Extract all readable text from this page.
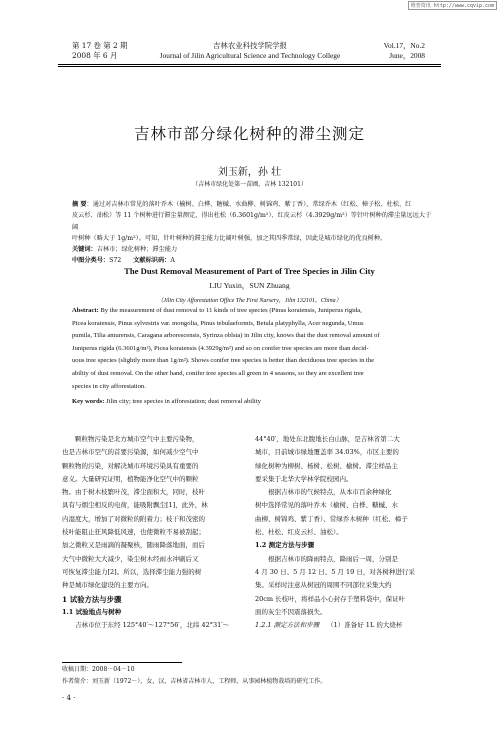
维普资讯 http://www.cqvip.com
第 17 卷 第 2 期
2008 年 6 月
吉林农业科技学院学报
Journal of Jilin Agricultural Science and Technology College
Vol.17，No.2
June，2008
吉林市部分绿化树种的滞尘测定
刘玉新，孙 壮
（吉林市绿化处第一苗圃，吉林 132101）
摘 要：通过对吉林市常见的落叶乔木（榆树、白桦、糖槭、水曲柳、树锦鸡、紫丁香）、常绿乔木（红松、樟子松、杜松、红
皮云杉、油松）等 11 个树种进行滞尘量测定，得出杜松（6.3601g/m²）、红皮云杉（4.3929g/m²）等针叶树种的滞尘量远远大于阔
叶树种（略大于 1g/m²）。可知，针叶树种的滞尘能力比阔叶树强，加之其四季常绿，因此是城市绿化的优良树种。
关键词：吉林市；绿化树种；滞尘能力
中图分类号：S72 文献标识码：A
The Dust Removal Measurement of Part of Tree Species in Jilin City
LIU Yuxin，SUN Zhuang
（Jilin City Afforestation Office The First Nursery，Jilin 132101，China）
Abstract: By the measurement of dust removal to 11 kinds of tree species (Pinus koraiensis, Juniperus rigida,
Picea koraiensis, Pinus sylvestris var. mongolia, Pinus tebulaeformis, Betula platyphylla, Acer negunda, Umus
pumila, Tilia amurensis, Caragana arborescensis, Syrinza oblsta) in Jilin city, knows that the dust removal amount of
Juniperus rigida (6.3601g/m²), Picea koraiensis (4.3929g/m²) and so on conifer tree species are more than decid-
uous tree species (slightly more than 1g/m²). Shows conifer tree species is better than deciduous tree species in the
ability of dust removal. On the other hand, conifer tree species all green in 4 seasons, so they are excellent tree
species in city afforestation.
Key words: Jilin city; tree species in afforestation; dust removal ability
颗粒物污染是北方城市空气中主要污染物，
也是吉林市空气的首要污染源，如何减少空气中
颗粒物的污染，对解决城市环境污染具有重要的
意义。大量研究证明，植物能净化空气中的颗粒
物。由于树木枝繁叶茂，滞尘面积大，同时，枝叶
具有与烟尘相反的电荷，能吸附飘尘[1]，此外，林
内湿度大，增加了对微粒的附着力；枝干和茂密的
枝叶能阻止狂风降低风速，也使微粒不易被刮起；
加之微粒又是雨滴的凝聚核，随雨降落地面，而后
大气中微粒大大减少，染尘树木经雨水冲刷后又
可恢复滞尘能力[2]。所以，选择滞尘能力强的树
种是城市绿化建设的主要方向。
1 试验方法与步骤
1.1 试验地点与树种
吉林市位于东经 125°40′～127°56′，北纬 42°31′～
44°40′，地处东北腹地长白山脉，是吉林省第二大
城市，目前城市绿地覆盖率 34.03%，市区主要的
绿化树种为柳树、杨树、松树、榆树。滞尘样品主
要采集于北华大学林学院校园内。
根据吉林市的气候特点，从本市百余种绿化
树中选择常见的落叶乔木（榆树、白桦、糖槭、水
曲柳、树锦鸡、紫丁香）、常绿乔木树种（红松、樟子
松、杜松、红皮云杉、油松）。
1.2 测定方法与步骤
根据吉林市的降雨特点，降雨后一周，分别是
4 月 30 日、5 月 12 日、5 月 19 日，对各树种进行采
集。采样时注意从树冠的周围不同部位采集大约
20cm 长枝叶，将样品小心封存于塑料袋中，保证叶
面的灰尘不因震落损失。
1.2.1 测定方法和步骤 （1）准备好 1L 的大烧杯
收稿日期：2008－04－10
作者简介：刘玉新（1972－），女，汉，吉林省吉林市人，工程师，从事园林植物栽培的研究工作。
· 4 ·
